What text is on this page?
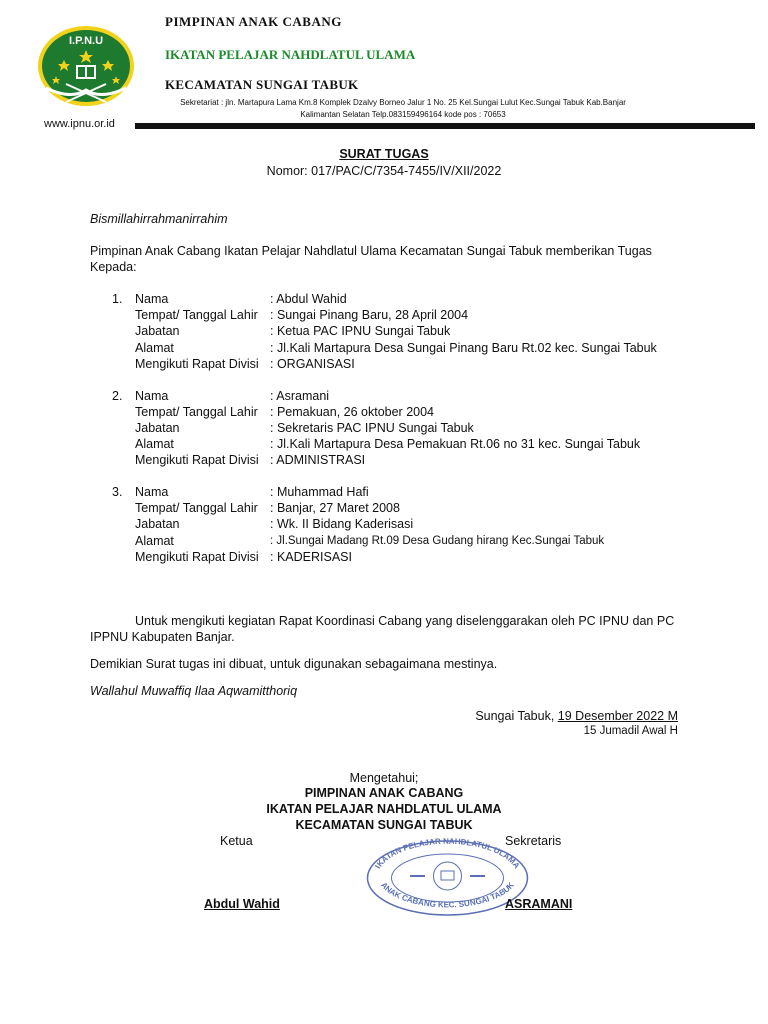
I.P.N.U
www.ipnu.or.id
PIMPINAN ANAK CABANG
IKATAN PELAJAR NAHDLATUL ULAMA
KECAMATAN SUNGAI TABUK
Sekretariat : jln. Martapura Lama Km.8 Komplek Dzalvy Borneo Jalur 1 No. 25 Kel.Sungai Lulut Kec.Sungai Tabuk Kab.Banjar
Kalimantan Selatan Telp.083159496164 kode pos : 70653
SURAT TUGAS
Nomor: 017/PAC/C/7354-7455/IV/XII/2022
Bismillahirrahmanirrahim
Pimpinan Anak Cabang Ikatan Pelajar Nahdlatul Ulama Kecamatan Sungai Tabuk memberikan Tugas
Kepada:
1. Nama
Tempat/ Tanggal Lahir
Jabatan
Alamat
Mengikuti Rapat Divisi
: Abdul Wahid
: Sungai Pinang Baru, 28 April 2004
: Ketua PAC IPNU Sungai Tabuk
: Jl.Kali Martapura Desa Sungai Pinang Baru Rt.02 kec. Sungai Tabuk
: ORGANISASI
2. Nama
Tempat/ Tanggal Lahir
Jabatan
Alamat
Mengikuti Rapat Divisi
: Asramani
: Pemakuan, 26 oktober 2004
: Sekretaris PAC IPNU Sungai Tabuk
: Jl.Kali Martapura Desa Pemakuan Rt.06 no 31 kec. Sungai Tabuk
: ADMINISTRASI
3. Nama
Tempat/ Tanggal Lahir
Jabatan
Alamat
Mengikuti Rapat Divisi
: Muhammad Hafi
: Banjar, 27 Maret 2008
: Wk. II Bidang Kaderisasi
: Jl.Sungai Madang Rt.09 Desa Gudang hirang Kec.Sungai Tabuk
: KADERISASI
Untuk mengikuti kegiatan Rapat Koordinasi Cabang yang diselenggarakan oleh PC IPNU dan PC
IPPNU Kabupaten Banjar.
Demikian Surat tugas ini dibuat, untuk digunakan sebagaimana mestinya.
Wallahul Muwaffiq Ilaa Aqwamitthoriq
Sungai Tabuk, 19 Desember 2022 M
15 Jumadil Awal H
Mengetahui;
PIMPINAN ANAK CABANG
IKATAN PELAJAR NAHDLATUL ULAMA
KECAMATAN SUNGAI TABUK
Ketua	Sekretaris
IKATAN PELAJAR NAHDLATUL ULAMA
ANAK CABANG KEC. SUNGAI TABUK
Abdul Wahid	ASRAMANI
